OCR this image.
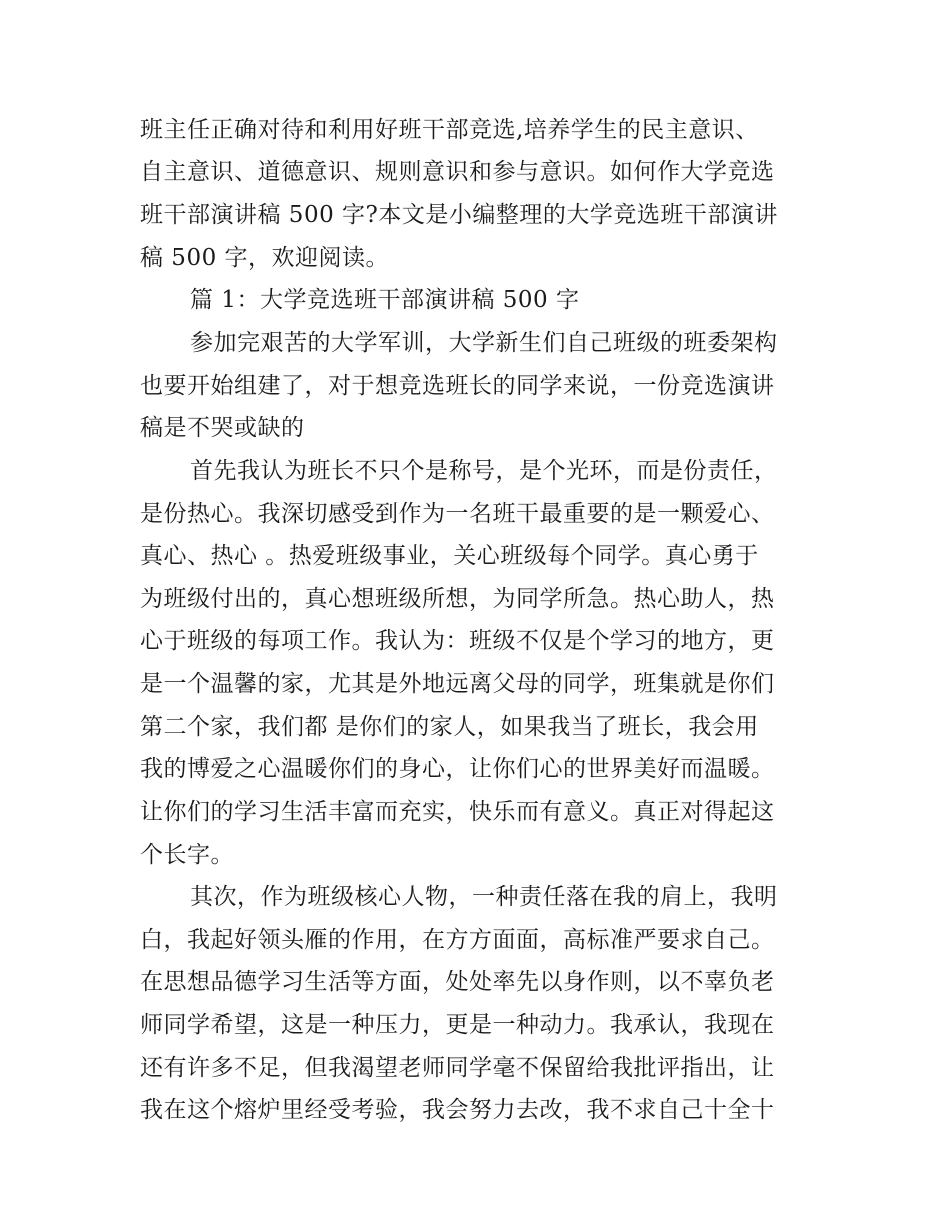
班主任正确对待和利用好班干部竞选,培养学生的民主意识、
自主意识、道德意识、规则意识和参与意识。如何作大学竞选
班干部演讲稿 500 字?本文是小编整理的大学竞选班干部演讲
稿 500 字，欢迎阅读。
篇 1：大学竞选班干部演讲稿 500 字
参加完艰苦的大学军训，大学新生们自己班级的班委架构
也要开始组建了，对于想竞选班长的同学来说，一份竞选演讲
稿是不哭或缺的
首先我认为班长不只个是称号，是个光环，而是份责任，
是份热心。我深切感受到作为一名班干最重要的是一颗爱心、
真心、热心 。热爱班级事业，关心班级每个同学。真心勇于
为班级付出的，真心想班级所想，为同学所急。热心助人，热
心于班级的每项工作。我认为：班级不仅是个学习的地方，更
是一个温馨的家，尤其是外地远离父母的同学，班集就是你们
第二个家，我们都 是你们的家人，如果我当了班长，我会用
我的博爱之心温暖你们的身心，让你们心的世界美好而温暖。
让你们的学习生活丰富而充实，快乐而有意义。真正对得起这
个长字。
其次，作为班级核心人物，一种责任落在我的肩上，我明
白，我起好领头雁的作用，在方方面面，高标准严要求自己。
在思想品德学习生活等方面，处处率先以身作则，以不辜负老
师同学希望，这是一种压力，更是一种动力。我承认，我现在
还有许多不足，但我渴望老师同学毫不保留给我批评指出，让
我在这个熔炉里经受考验，我会努力去改，我不求自己十全十
